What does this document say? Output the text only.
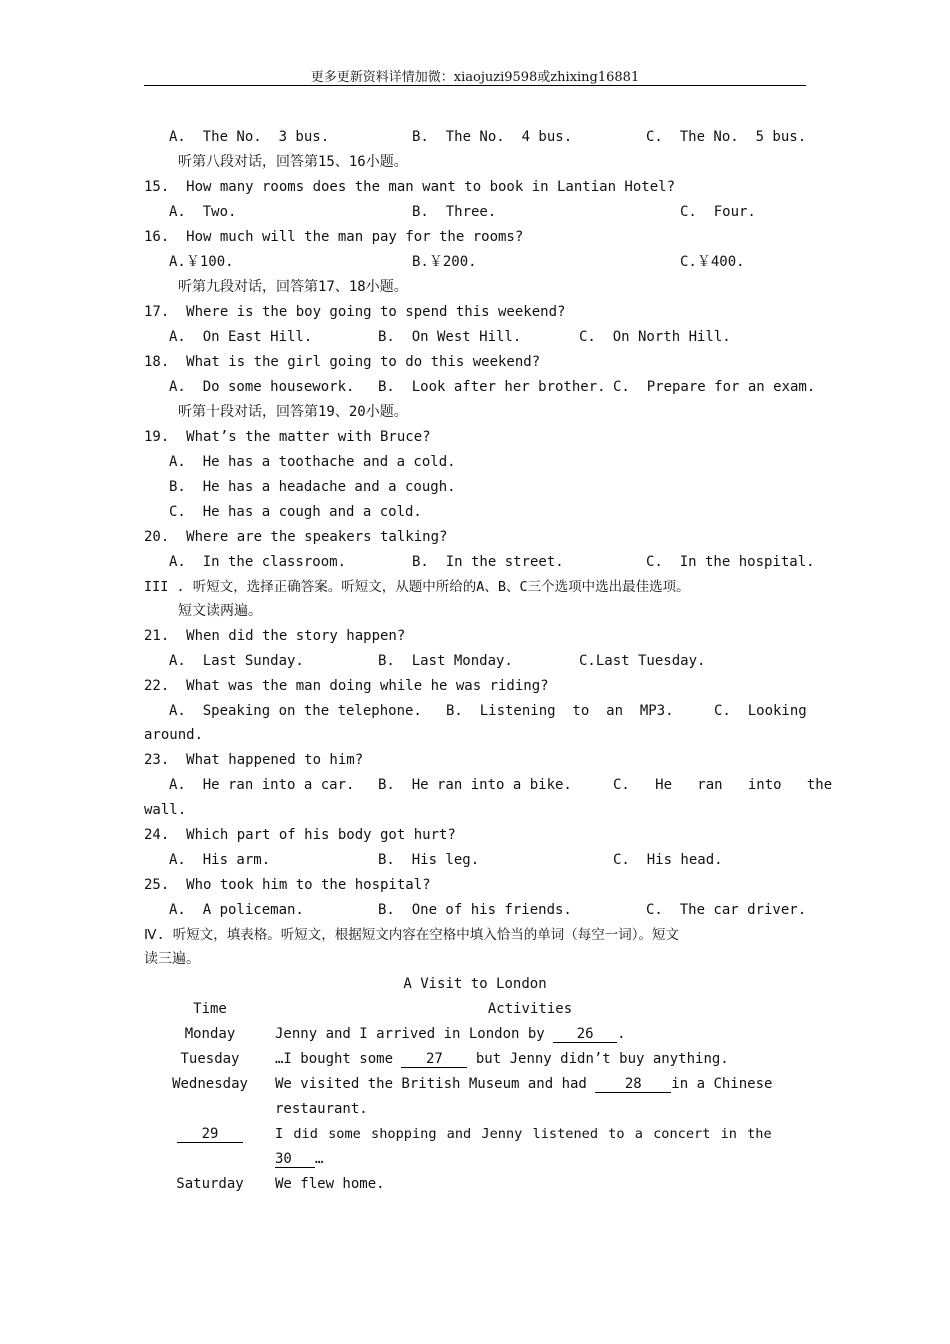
更多更新资料详情加微：xiaojuzi9598或zhixing16881
A.  The No.  3 bus.	B.  The No.  4 bus.	C.  The No.  5 bus.
听第八段对话，回答第15、16小题。
15.  How many rooms does the man want to book in Lantian Hotel?
A.  Two.	B.  Three.	C.  Four.
16.  How much will the man pay for the rooms?
A.￥100.	B.￥200.	C.￥400.
听第九段对话，回答第17、18小题。
17.  Where is the boy going to spend this weekend?
A.  On East Hill.	B.  On West Hill.	C.  On North Hill.
18.  What is the girl going to do this weekend?
A.  Do some housework. B.  Look after her brother. C.  Prepare for an exam.
听第十段对话，回答第19、20小题。
19.  What’s the matter with Bruce?
A.  He has a toothache and a cold.
B.  He has a headache and a cough.
C.  He has a cough and a cold.
20.  Where are the speakers talking?
A.  In the classroom.	B.  In the street.	C.  In the hospital.
III . 听短文，选择正确答案。听短文，从题中所给的A、B、C三个选项中选出最佳选项。
短文读两遍。
21.  When did the story happen?
A.  Last Sunday.	B.  Last Monday.	C.Last Tuesday.
22.  What was the man doing while he was riding?
A.  Speaking on the telephone. B.  Listening  to  an  MP3.	C.  Looking
around.
23.  What happened to him?
A.  He ran into a car. B.  He ran into a bike.	C.   He   ran   into   the
wall.
24.  Which part of his body got hurt?
A.  His arm.	B.  His leg.	C.  His head.
25.  Who took him to the hospital?
A.  A policeman.	B.  One of his friends.	C.  The car driver.
Ⅳ. 听短文，填表格。听短文，根据短文内容在空格中填入恰当的单词（每空一词）。短文
读三遍。
A Visit to London
Time	Activities
Monday	Jenny and I arrived in London by 26 .
Tuesday	…I bought some 27 but Jenny didn’t buy anything.
Wednesday	We visited the British Museum and had 28 in a Chinese
restaurant.
29	I did some shopping and Jenny listened to a concert in the
30 …
Saturday	We flew home.
